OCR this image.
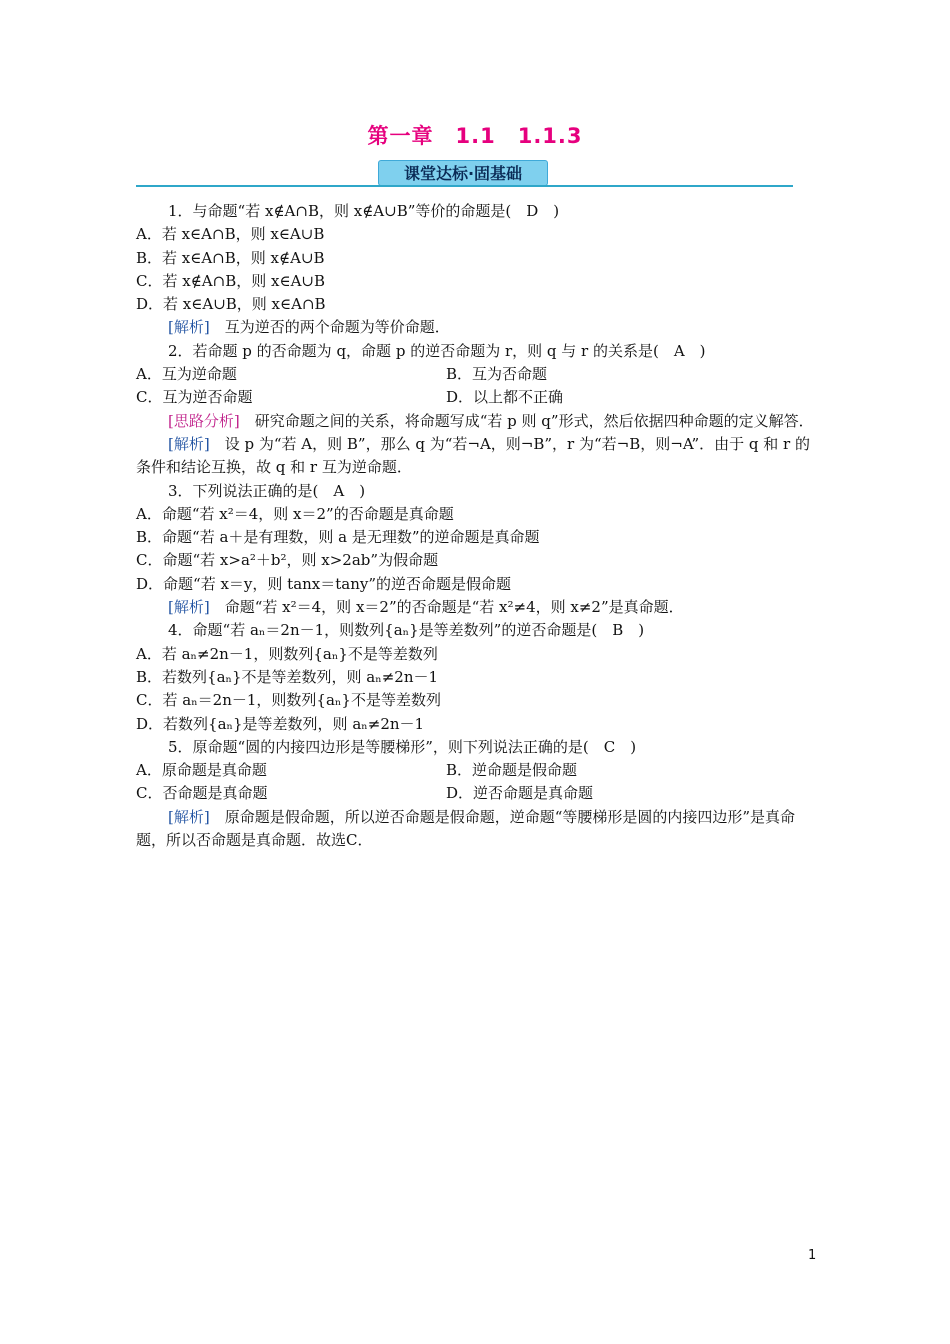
第一章　1.1　1.1.3
课堂达标·固基础
1．与命题“若 x∉A∩B，则 x∉A∪B”等价的命题是(　D　)
A．若 x∈A∩B，则 x∈A∪B
B．若 x∈A∩B，则 x∉A∪B
C．若 x∉A∩B，则 x∈A∪B
D．若 x∈A∪B，则 x∈A∩B
[解析]　互为逆否的两个命题为等价命题．
2．若命题 p 的否命题为 q，命题 p 的逆否命题为 r，则 q 与 r 的关系是(　A　)
A．互为逆命题	B．互为否命题
C．互为逆否命题	D．以上都不正确
[思路分析]　研究命题之间的关系，将命题写成“若 p 则 q”形式，然后依据四种命题的定义解答．
[解析]　设 p 为“若 A，则 B”，那么 q 为“若¬A，则¬B”，r 为“若¬B，则¬A”．由于 q 和 r 的条件和结论互换，故 q 和 r 互为逆命题．
3．下列说法正确的是(　A　)
A．命题“若 x²＝4，则 x＝2”的否命题是真命题
B．命题“若 a＋是有理数，则 a 是无理数”的逆命题是真命题
C．命题“若 x>a²＋b²，则 x>2ab”为假命题
D．命题“若 x＝y，则 tanx＝tany”的逆否命题是假命题
[解析]　命题“若 x²＝4，则 x＝2”的否命题是“若 x²≠4，则 x≠2”是真命题．
4．命题“若 aₙ＝2n－1，则数列{aₙ}是等差数列”的逆否命题是(　B　)
A．若 aₙ≠2n－1，则数列{aₙ}不是等差数列
B．若数列{aₙ}不是等差数列，则 aₙ≠2n－1
C．若 aₙ＝2n－1，则数列{aₙ}不是等差数列
D．若数列{aₙ}是等差数列，则 aₙ≠2n－1
5．原命题“圆的内接四边形是等腰梯形”，则下列说法正确的是(　C　)
A．原命题是真命题	B．逆命题是假命题
C．否命题是真命题	D．逆否命题是真命题
[解析]　原命题是假命题，所以逆否命题是假命题，逆命题“等腰梯形是圆的内接四边形”是真命题，所以否命题是真命题．故选C．
1
